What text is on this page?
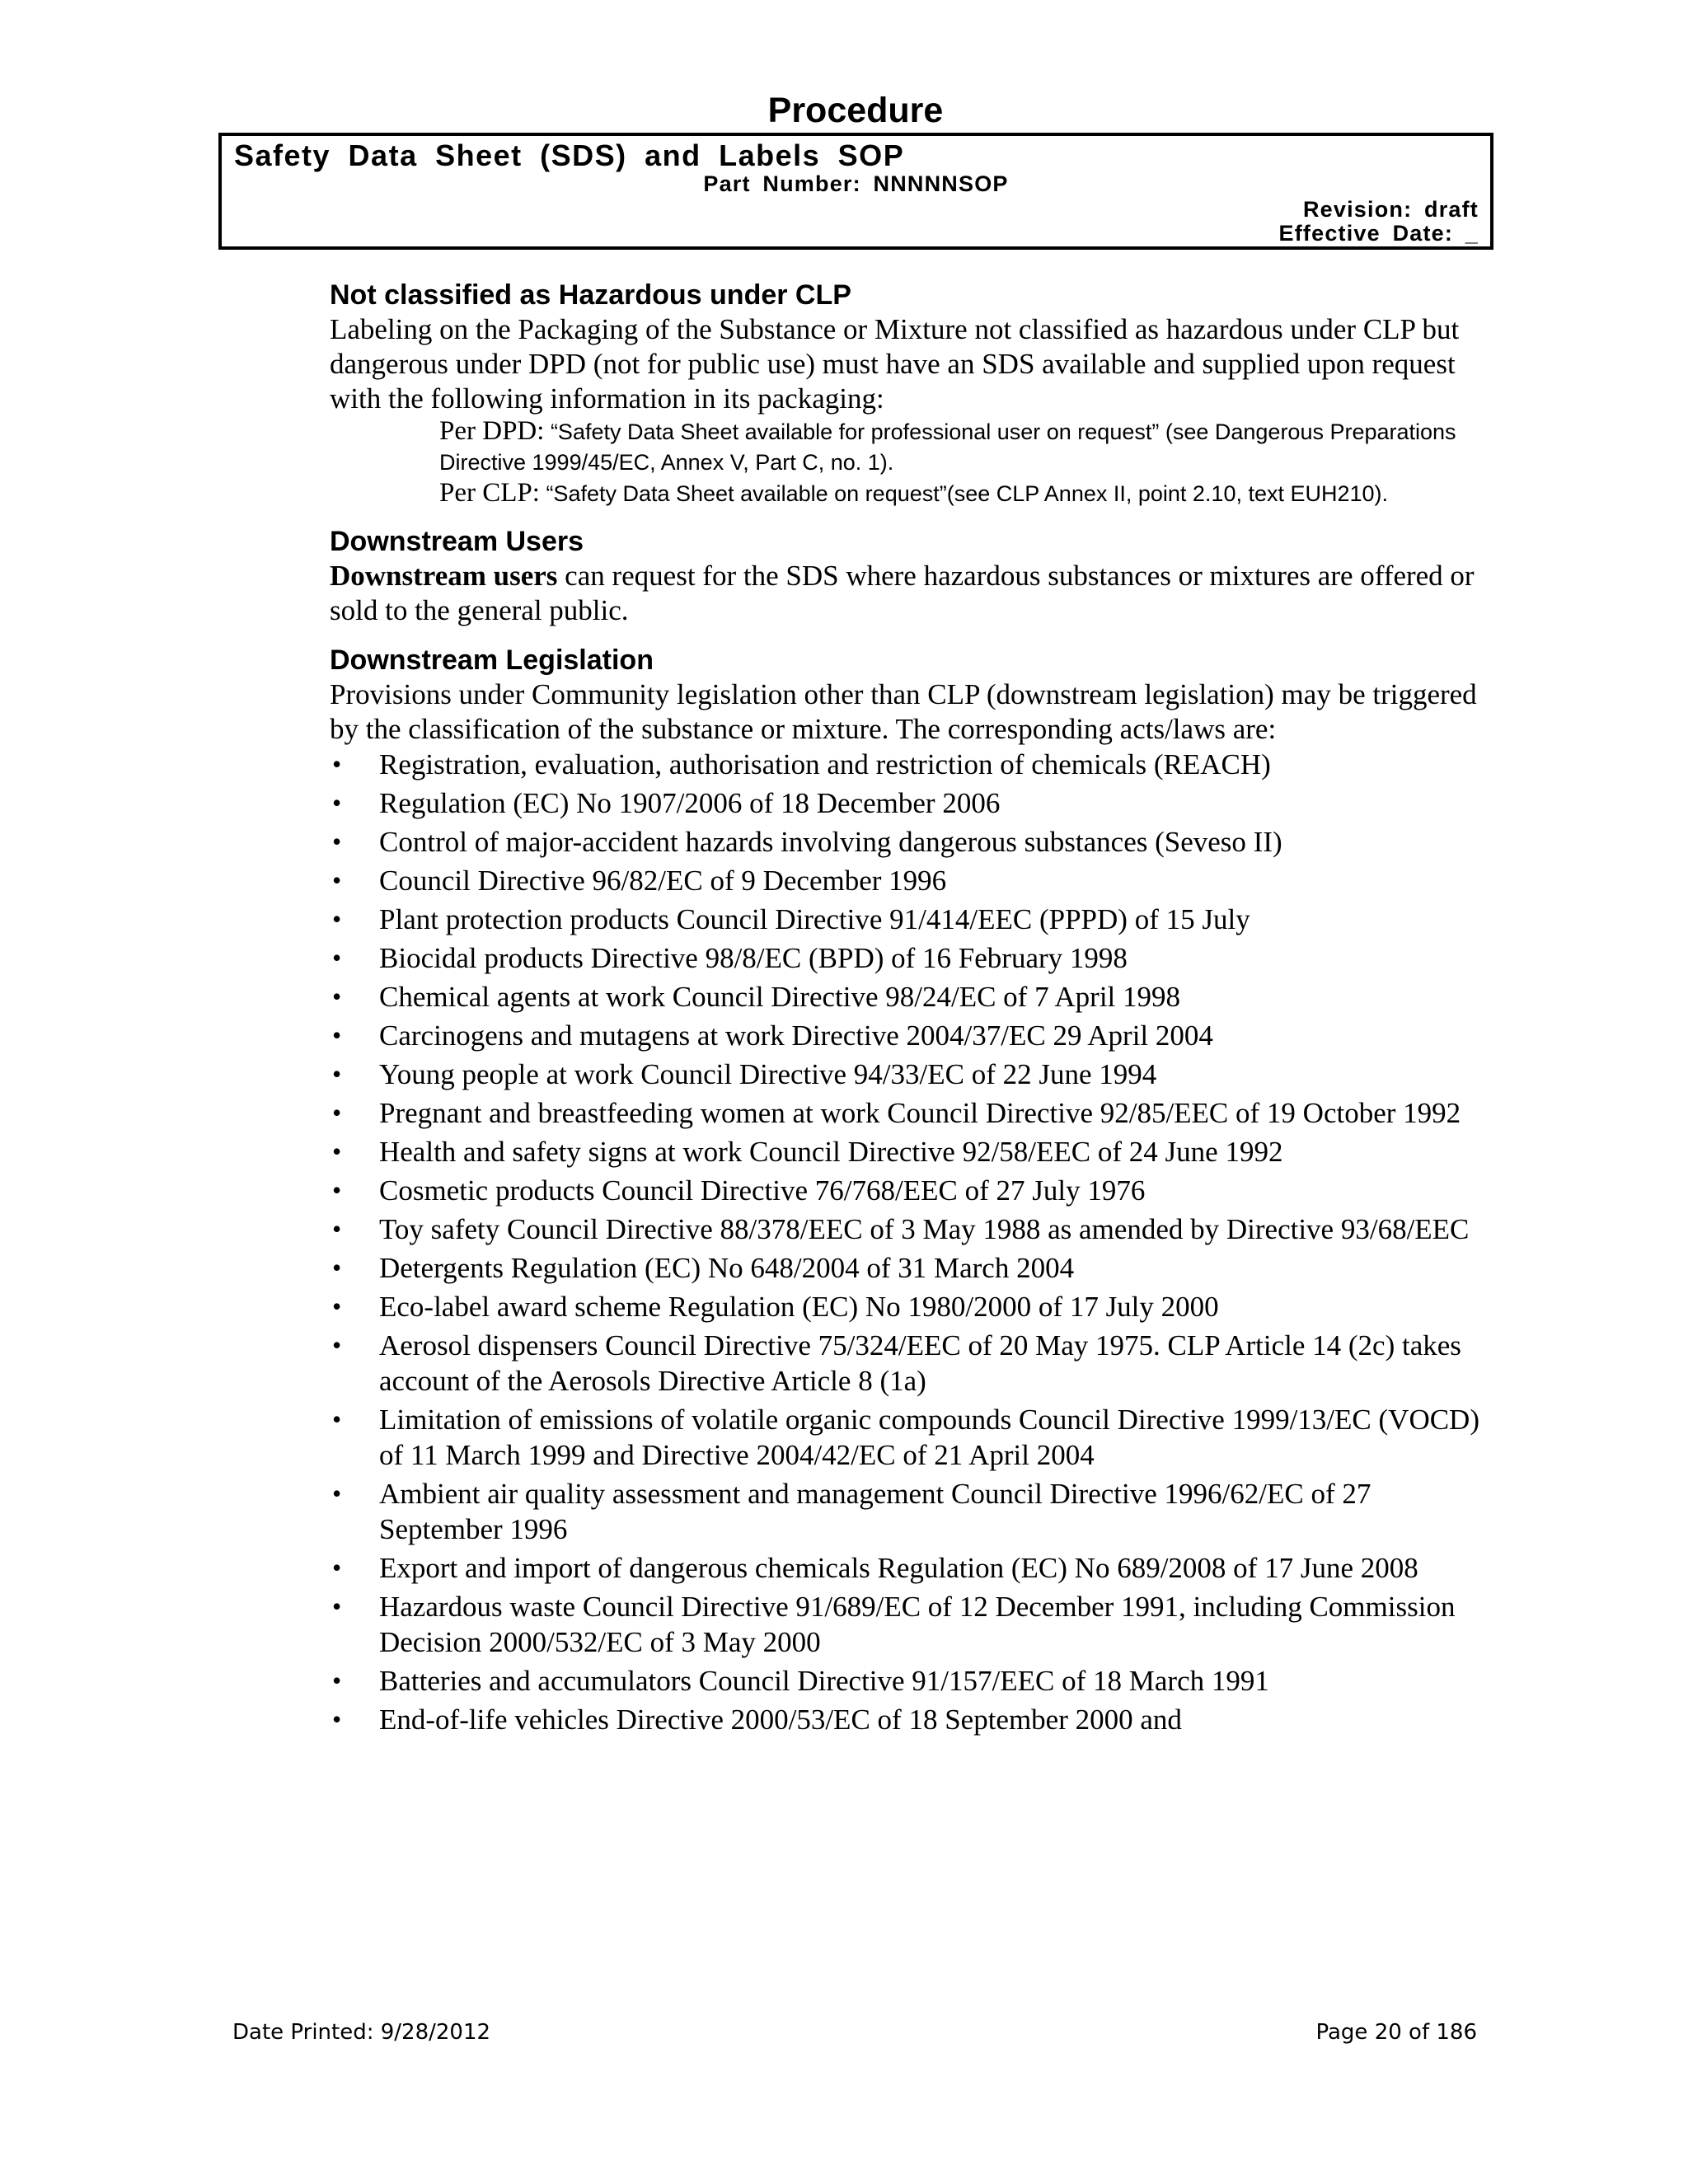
Procedure
Safety Data Sheet (SDS) and Labels SOP
Part Number: NNNNNSOP
Revision: draft
Effective Date: _
Not classified as Hazardous under CLP

Labeling on the Packaging of the Substance or Mixture not classified as hazardous under CLP but dangerous under DPD (not for public use) must have an SDS available and supplied upon request with the following information in its packaging:

Per DPD: “Safety Data Sheet available for professional user on request” (see Dangerous Preparations Directive 1999/45/EC, Annex V, Part C, no. 1).

Per CLP: “Safety Data Sheet available on request”(see CLP Annex II, point 2.10, text EUH210).

Downstream Users

Downstream users can request for the SDS where hazardous substances or mixtures are offered or sold to the general public.

Downstream Legislation

Provisions under Community legislation other than CLP (downstream legislation) may be triggered by the classification of the substance or mixture. The corresponding acts/laws are:

• Registration, evaluation, authorisation and restriction of chemicals (REACH)
• Regulation (EC) No 1907/2006 of 18 December 2006
• Control of major-accident hazards involving dangerous substances (Seveso II)
• Council Directive 96/82/EC of 9 December 1996
• Plant protection products Council Directive 91/414/EEC (PPPD) of 15 July
• Biocidal products Directive 98/8/EC (BPD) of 16 February 1998
• Chemical agents at work Council Directive 98/24/EC of 7 April 1998
• Carcinogens and mutagens at work Directive 2004/37/EC 29 April 2004
• Young people at work Council Directive 94/33/EC of 22 June 1994
• Pregnant and breastfeeding women at work Council Directive 92/85/EEC of 19 October 1992
• Health and safety signs at work Council Directive 92/58/EEC of 24 June 1992
• Cosmetic products Council Directive 76/768/EEC of 27 July 1976
• Toy safety Council Directive 88/378/EEC of 3 May 1988 as amended by Directive 93/68/EEC
• Detergents Regulation (EC) No 648/2004 of 31 March 2004
• Eco-label award scheme Regulation (EC) No 1980/2000 of 17 July 2000
• Aerosol dispensers Council Directive 75/324/EEC of 20 May 1975. CLP Article 14 (2c) takes account of the Aerosols Directive Article 8 (1a)
• Limitation of emissions of volatile organic compounds Council Directive 1999/13/EC (VOCD) of 11 March 1999 and Directive 2004/42/EC of 21 April 2004
• Ambient air quality assessment and management Council Directive 1996/62/EC of 27 September 1996
• Export and import of dangerous chemicals Regulation (EC) No 689/2008 of 17 June 2008
• Hazardous waste Council Directive 91/689/EC of 12 December 1991, including Commission Decision 2000/532/EC of 3 May 2000
• Batteries and accumulators Council Directive 91/157/EEC of 18 March 1991
• End-of-life vehicles Directive 2000/53/EC of 18 September 2000 and
Date Printed: 9/28/2012	Page 20 of 186
